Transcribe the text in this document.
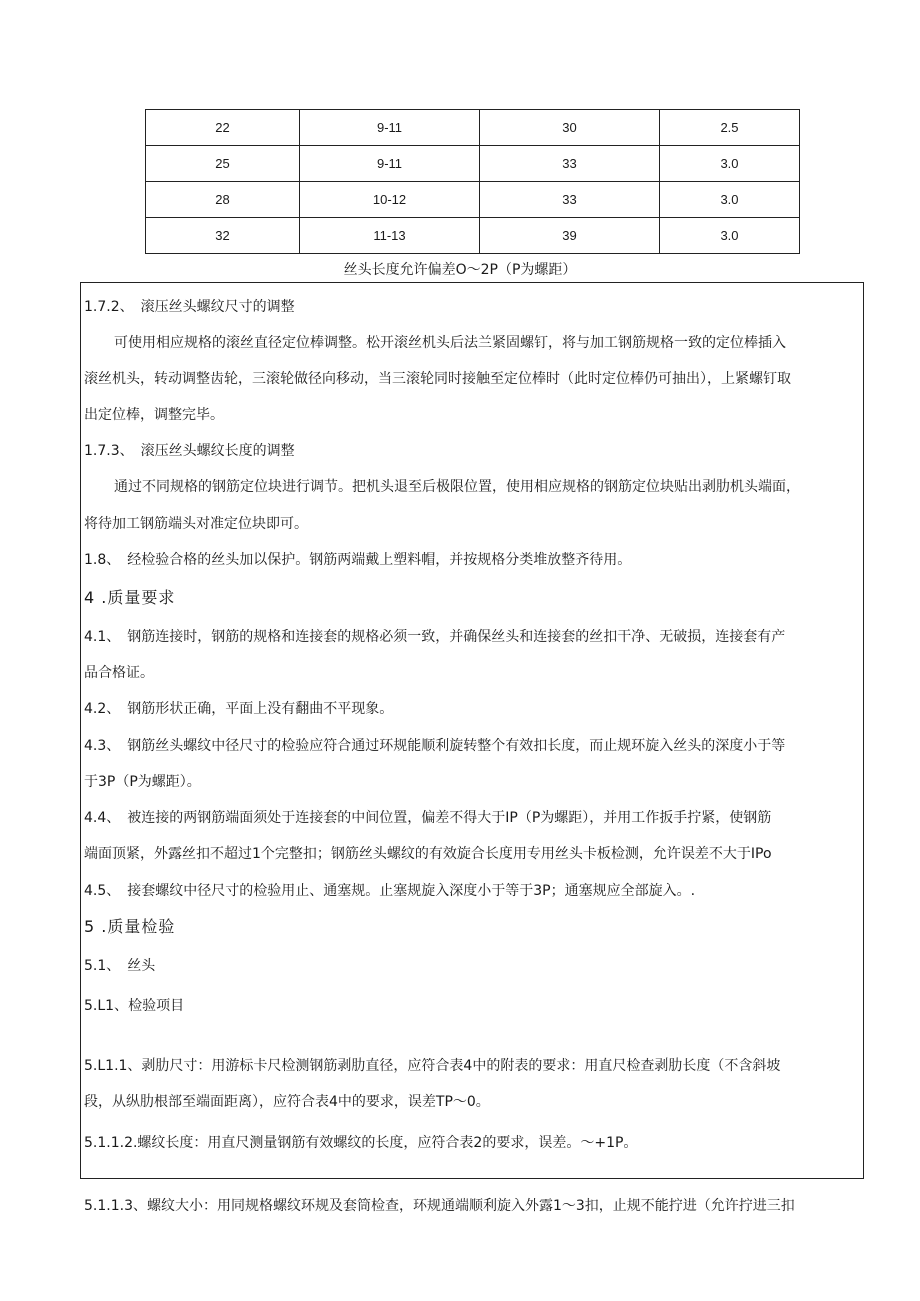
22	9-11	30	2.5
25	9-11	33	3.0
28	10-12	33	3.0
32	11-13	39	3.0
丝头长度允许偏差O～2P（P为螺距）
1.7.2、　滚压丝头螺纹尺寸的调整
可使用相应规格的滚丝直径定位棒调整。松开滚丝机头后法兰紧固螺钉，将与加工钢筋规格一致的定位棒插入
滚丝机头，转动调整齿轮，三滚轮做径向移动，当三滚轮同时接触至定位棒时（此时定位棒仍可抽出），上紧螺钉取
出定位棒，调整完毕。
1.7.3、　滚压丝头螺纹长度的调整
通过不同规格的钢筋定位块进行调节。把机头退至后极限位置，使用相应规格的钢筋定位块贴出剥肋机头端面，
将待加工钢筋端头对准定位块即可。
1.8、　经检验合格的丝头加以保护。钢筋两端戴上塑料帽，并按规格分类堆放整齐待用。
4 .质量要求
4.1、　钢筋连接时，钢筋的规格和连接套的规格必须一致，并确保丝头和连接套的丝扣干净、无破损，连接套有产
品合格证。
4.2、　钢筋形状正确，平面上没有翻曲不平现象。
4.3、　钢筋丝头螺纹中径尺寸的检验应符合通过环规能顺利旋转整个有效扣长度，而止规环旋入丝头的深度小于等
于3P（P为螺距）。
4.4、　被连接的两钢筋端面须处于连接套的中间位置，偏差不得大于IP（P为螺距），并用工作扳手拧紧，使钢筋
端面顶紧，外露丝扣不超过1个完整扣；钢筋丝头螺纹的有效旋合长度用专用丝头卡板检测，允许误差不大于IPo
4.5、　接套螺纹中径尺寸的检验用止、通塞规。止塞规旋入深度小于等于3P；通塞规应全部旋入。.
5 .质量检验
5.1、　丝头
5.L1、检验项目
5.L1.1、剥肋尺寸：用游标卡尺检测钢筋剥肋直径，应符合表4中的附表的要求：用直尺检查剥肋长度（不含斜坡
段，从纵肋根部至端面距离），应符合表4中的要求，误差TP～0。
5.1.1.2.螺纹长度：用直尺测量钢筋有效螺纹的长度，应符合表2的要求，误差。～+1P。
5.1.1.3、螺纹大小：用同规格螺纹环规及套筒检查，环规通端顺利旋入外露1～3扣，止规不能拧进（允许拧进三扣
